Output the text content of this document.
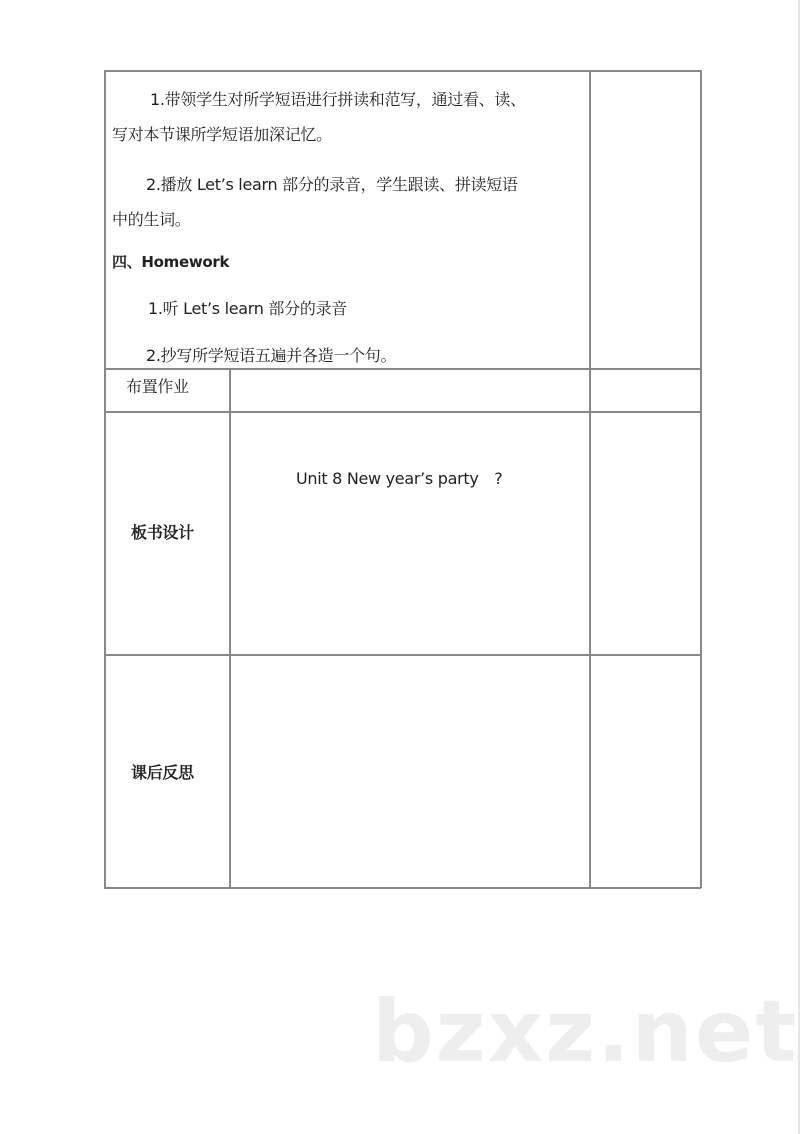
1.带领学生对所学短语进行拼读和范写，通过看、读、
写对本节课所学短语加深记忆。
2.播放 Let’s learn 部分的录音，学生跟读、拼读短语
中的生词。
四、Homework
1.听 Let’s learn 部分的录音
2.抄写所学短语五遍并各造一个句。
布置作业
Unit 8 New year’s party　?
板书设计
课后反思
bzxz.net
